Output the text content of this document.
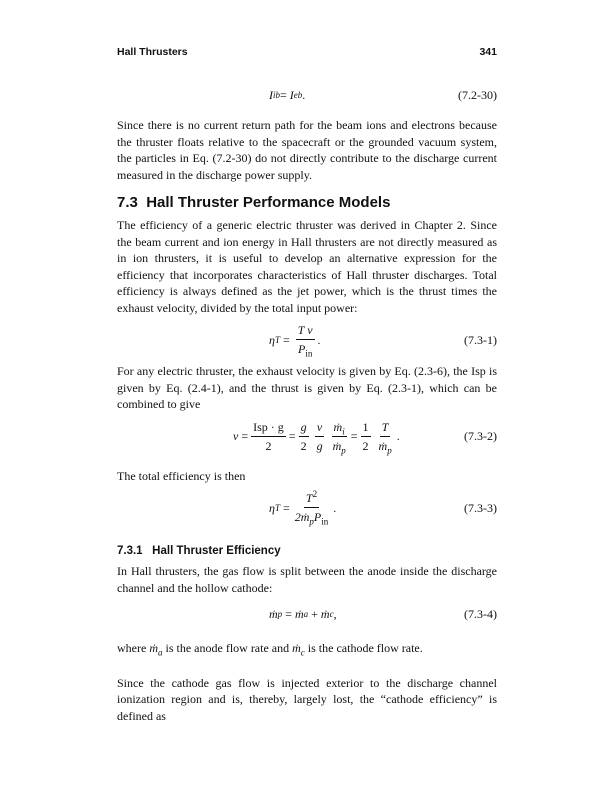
Hall Thrusters	341
I ib =
I eb .	(7.2-30)

Since there is no current return path for the beam ions and electrons because the thruster floats relative to the spacecraft or the grounded vacuum system, the particles in Eq. (7.2-30) do not directly contribute to the discharge current measured in the discharge power supply.

7.3 Hall Thruster Performance Models

The efficiency of a generic electric thruster was derived in Chapter 2. Since the beam current and ion energy in Hall thrusters are not directly measured as in ion thrusters, it is useful to develop an alternative expression for the efficiency that incorporates characteristics of Hall thruster discharges. Total efficiency is always defined as the jet power, which is the thrust times the exhaust velocity, divided by the total input power:

η $T = \frac{\text{T v}}{P_{in}}$ .	(7.3-1)

For any electric thruster, the exhaust velocity is given by Eq. (2.3-6), the Isp is given by Eq. (2.4-1), and the thrust is given by Eq. (2.3-1), which can be combined to give

$v = \frac{\text{Isp · g}}{2} = \frac{g}{2} \frac{v}{g} \frac{ṁ_i}{ṁ_p} = \frac{1}{2} \frac{T}{ṁ_p}$ .	(7.3-2)

The total efficiency is then

η $T = \frac{T^2}{2ṁ_pP_{in}}$ .	(7.3-3)
7.3.1 Hall Thruster Efficiency

In Hall thrusters, the gas flow is split between the anode inside the discharge channel and the hollow cathode:

ṁ p = ṁ a + ṁ c ,	(7.3-4)

where ṁ$_a$ is the anode flow rate and ṁ$_c$ is the cathode flow rate.

Since the cathode gas flow is injected exterior to the discharge channel ionization region and is, thereby, largely lost, the “cathode efficiency” is defined as
